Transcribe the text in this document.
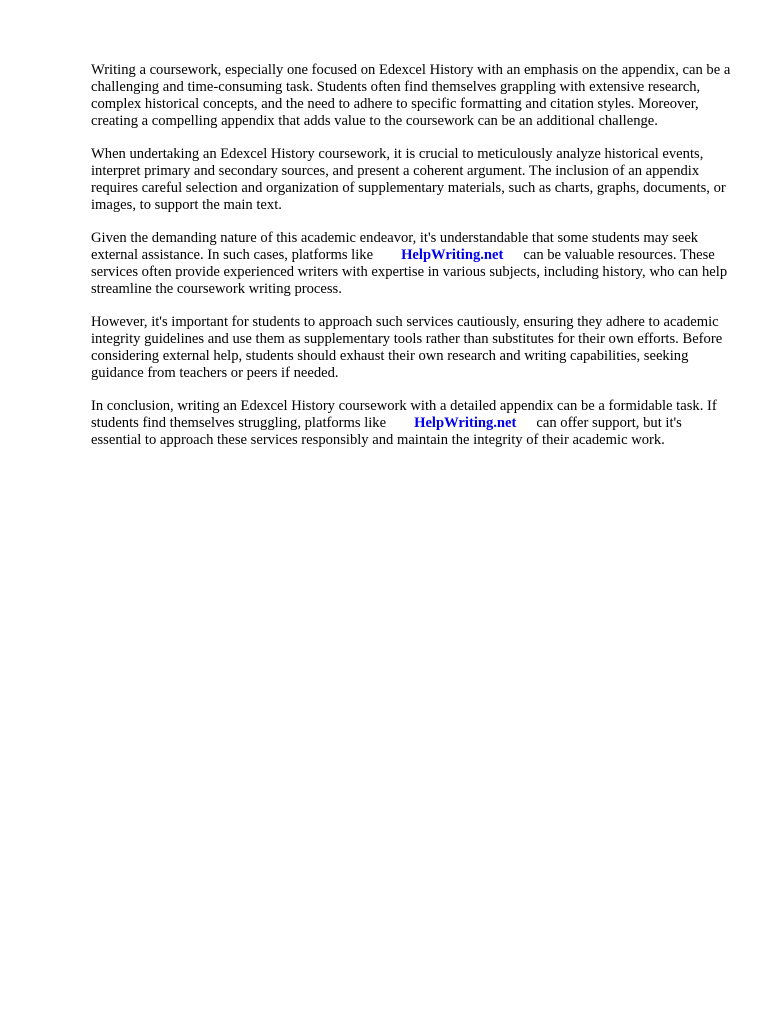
Writing a coursework, especially one focused on Edexcel History with an emphasis on the appendix, can be a challenging and time-consuming task. Students often find themselves grappling with extensive research, complex historical concepts, and the need to adhere to specific formatting and citation styles. Moreover, creating a compelling appendix that adds value to the coursework can be an additional challenge.

When undertaking an Edexcel History coursework, it is crucial to meticulously analyze historical events, interpret primary and secondary sources, and present a coherent argument. The inclusion of an appendix requires careful selection and organization of supplementary materials, such as charts, graphs, documents, or images, to support the main text.

Given the demanding nature of this academic endeavor, it's understandable that some students may seek external assistance. In such cases, platforms like HelpWriting.net can be valuable resources. These services often provide experienced writers with expertise in various subjects, including history, who can help streamline the coursework writing process.

However, it's important for students to approach such services cautiously, ensuring they adhere to academic integrity guidelines and use them as supplementary tools rather than substitutes for their own efforts. Before considering external help, students should exhaust their own research and writing capabilities, seeking guidance from teachers or peers if needed.

In conclusion, writing an Edexcel History coursework with a detailed appendix can be a formidable task. If students find themselves struggling, platforms like HelpWriting.net can offer support, but it's essential to approach these services responsibly and maintain the integrity of their academic work.
